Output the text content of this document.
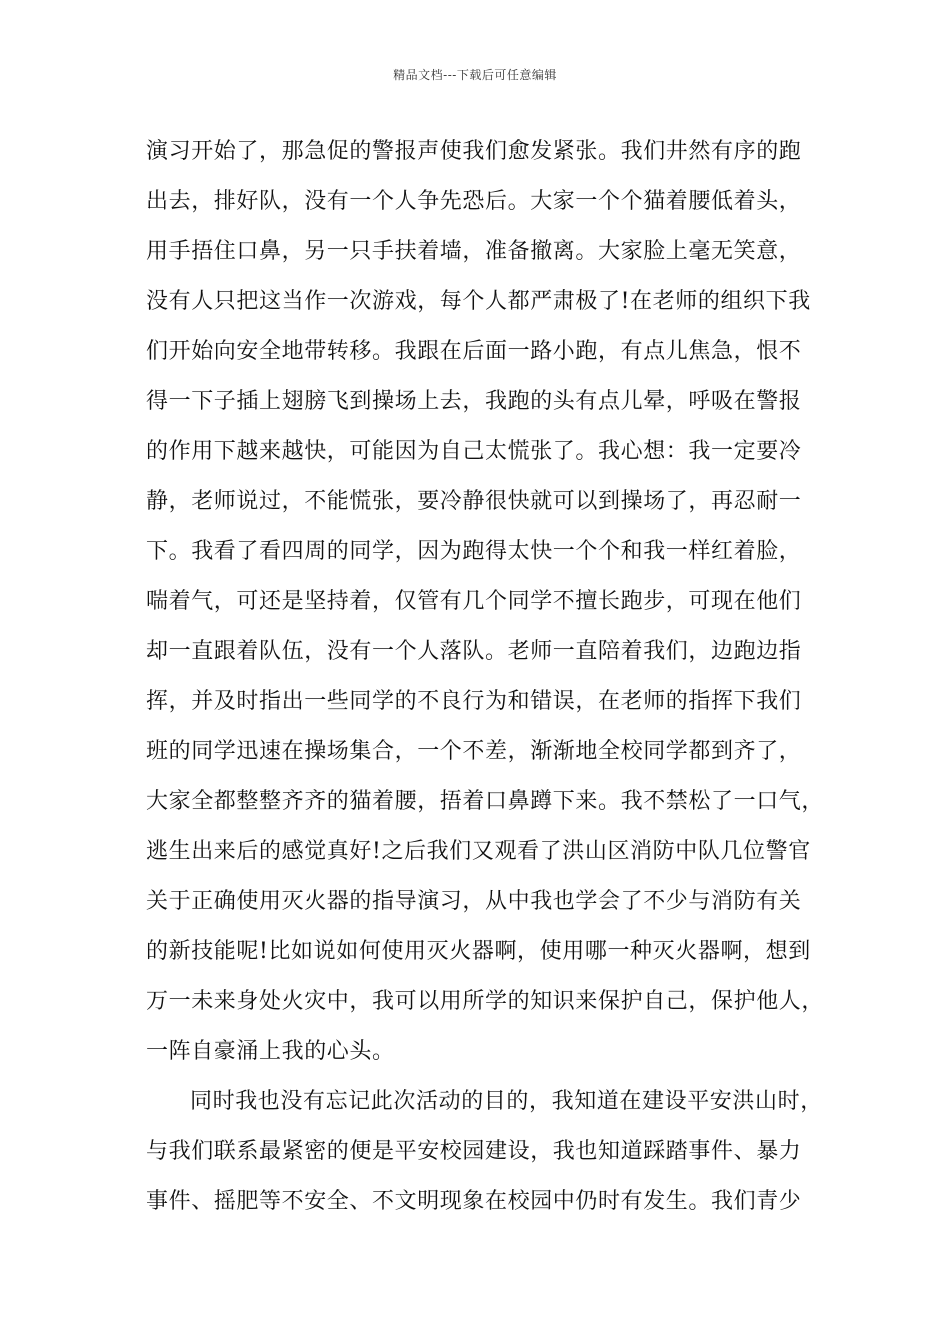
精品文档---下载后可任意编辑
演习开始了，那急促的警报声使我们愈发紧张。我们井然有序的跑
出去，排好队，没有一个人争先恐后。大家一个个猫着腰低着头，
用手捂住口鼻，另一只手扶着墙，准备撤离。大家脸上毫无笑意，
没有人只把这当作一次游戏，每个人都严肃极了!在老师的组织下我
们开始向安全地带转移。我跟在后面一路小跑，有点儿焦急，恨不
得一下子插上翅膀飞到操场上去，我跑的头有点儿晕，呼吸在警报
的作用下越来越快，可能因为自己太慌张了。我心想：我一定要冷
静，老师说过，不能慌张，要冷静很快就可以到操场了，再忍耐一
下。我看了看四周的同学，因为跑得太快一个个和我一样红着脸，
喘着气，可还是坚持着，仅管有几个同学不擅长跑步，可现在他们
却一直跟着队伍，没有一个人落队。老师一直陪着我们，边跑边指
挥，并及时指出一些同学的不良行为和错误，在老师的指挥下我们
班的同学迅速在操场集合，一个不差，渐渐地全校同学都到齐了，
大家全都整整齐齐的猫着腰，捂着口鼻蹲下来。我不禁松了一口气，
逃生出来后的感觉真好!之后我们又观看了洪山区消防中队几位警官
关于正确使用灭火器的指导演习，从中我也学会了不少与消防有关
的新技能呢!比如说如何使用灭火器啊，使用哪一种灭火器啊，想到
万一未来身处火灾中，我可以用所学的知识来保护自己，保护他人，
一阵自豪涌上我的心头。
同时我也没有忘记此次活动的目的，我知道在建设平安洪山时，
与我们联系最紧密的便是平安校园建设，我也知道踩踏事件、暴力
事件、摇肥等不安全、不文明现象在校园中仍时有发生。我们青少
